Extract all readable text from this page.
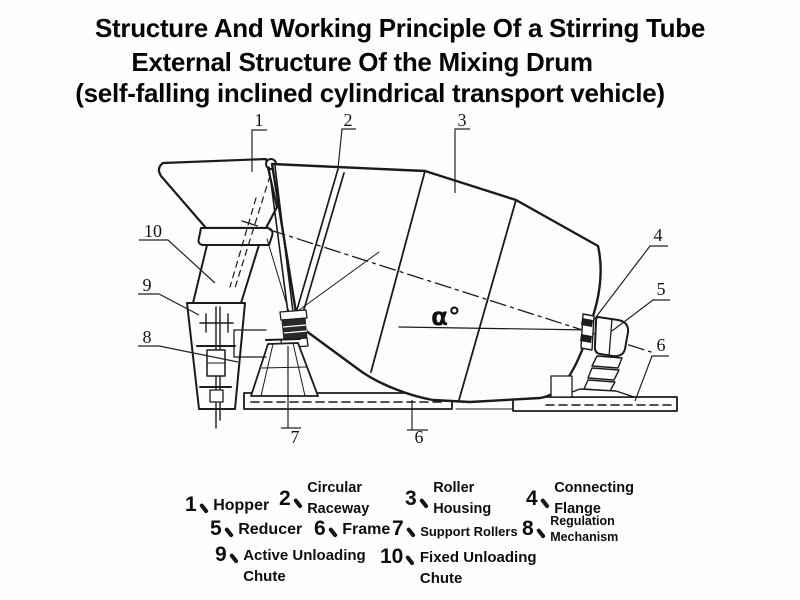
Structure And Working Principle Of a Stirring Tube
External Structure Of the Mixing Drum
(self-falling inclined cylindrical transport vehicle)
α°
1	2	3
4
5
6
7	6
10
9
8
1 Hopper 2 Circular
Raceway 3 Roller
Housing 4 Connecting
Flange
5 Reducer 6 Frame 7 Support Rollers 8 Regulation
Mechanism
9 Active Unloading
Chute
10 Fixed Unloading
Chute
